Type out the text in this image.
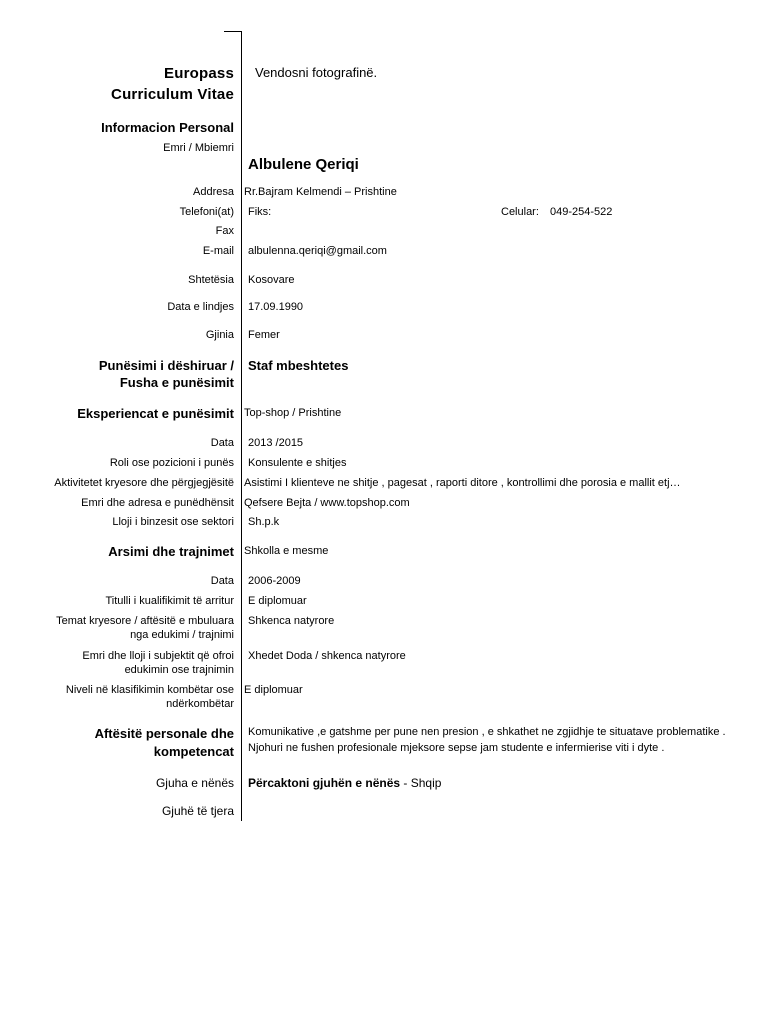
Europass
Curriculum Vitae
Vendosni fotografinë.
Informacion Personal
Emri / Mbiemri
Albulene Qeriqi
Addresa Rr.Bajram Kelmendi – Prishtine
Telefoni(at) Fiks:	Celular: 049-254-522
Fax
E-mail albulenna.qeriqi@gmail.com
Shtetësia Kosovare
Data e lindjes 17.09.1990
Gjinia Femer
Punësimi i dëshiruar /
Fusha e punësimit
Staf mbeshtetes
Eksperiencat e punësimit Top-shop / Prishtine
Data 2013 /2015
Roli ose pozicioni i punës Konsulente e shitjes
Aktivitetet kryesore dhe përgjegjësitë Asistimi I klienteve ne shitje , pagesat , raporti ditore , kontrollimi dhe porosia e mallit etj…
Emri dhe adresa e punëdhënsit Qefsere Bejta / www.topshop.com
Lloji i binzesit ose sektori Sh.p.k
Arsimi dhe trajnimet Shkolla e mesme
Data 2006-2009
Titulli i kualifikimit të arritur E diplomuar
Temat kryesore / aftësitë e mbuluara
nga edukimi / trajnimi
Shkenca natyrore
Emri dhe lloji i subjektit që ofroi
edukimin ose trajnimin
Xhedet Doda / shkenca natyrore
Niveli në klasifikimin kombëtar ose
ndërkombëtar
E diplomuar
Aftësitë personale dhe
kompetencat
Komunikative ,e gatshme per pune nen presion , e shkathet ne zgjidhje te situatave problematike .
Njohuri ne fushen profesionale mjeksore sepse jam studente e infermierise viti i dyte .
Gjuha e nënës Përcaktoni gjuhën e nënës - Shqip
Gjuhë të tjera
